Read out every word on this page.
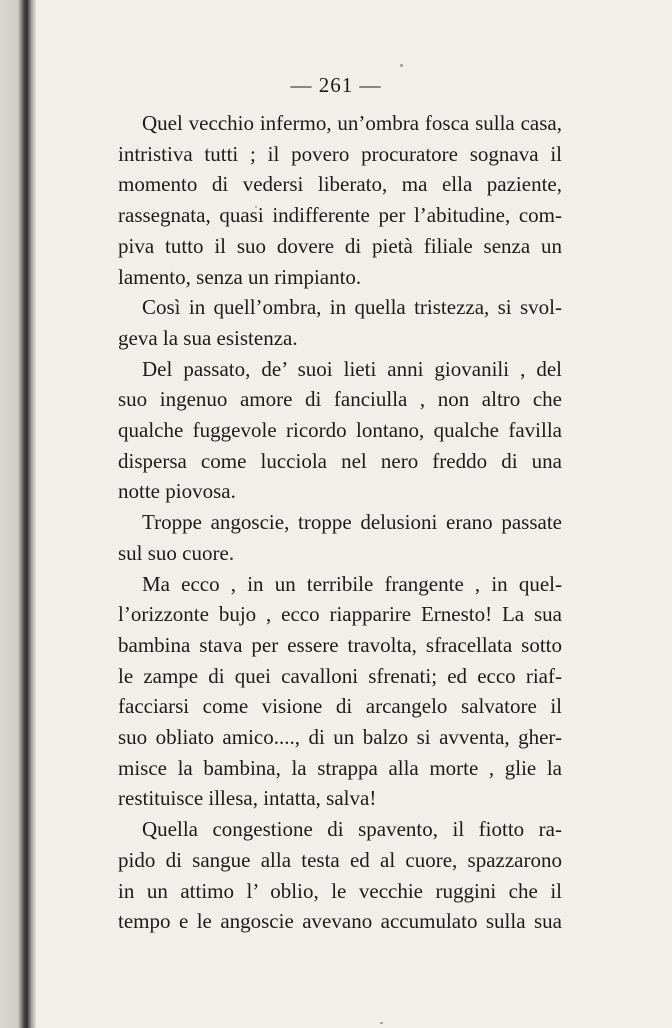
— 261 —

Quel vecchio infermo, un’ombra fosca sulla casa,
intristiva tutti ; il povero procuratore sognava il
momento di vedersi liberato, ma ella paziente,
rassegnata, quasi indifferente per l’abitudine, com-
piva tutto il suo dovere di pietà filiale senza un
lamento, senza un rimpianto.

Così in quell’ombra, in quella tristezza, si svol-
geva la sua esistenza.

Del passato, de’ suoi lieti anni giovanili , del
suo ingenuo amore di fanciulla , non altro che
qualche fuggevole ricordo lontano, qualche favilla
dispersa come lucciola nel nero freddo di una
notte piovosa.

Troppe angoscie, troppe delusioni erano passate
sul suo cuore.

Ma ecco , in un terribile frangente , in quel-
l’orizzonte bujo , ecco riapparire Ernesto! La sua
bambina stava per essere travolta, sfracellata sotto
le zampe di quei cavalloni sfrenati; ed ecco riaf-
facciarsi come visione di arcangelo salvatore il
suo obliato amico...., di un balzo si avventa, gher-
misce la bambina, la strappa alla morte , glie la
restituisce illesa, intatta, salva!

Quella congestione di spavento, il fiotto ra-
pido di sangue alla testa ed al cuore, spazzarono
in un attimo l’ oblio, le vecchie ruggini che il
tempo e le angoscie avevano accumulato sulla sua
